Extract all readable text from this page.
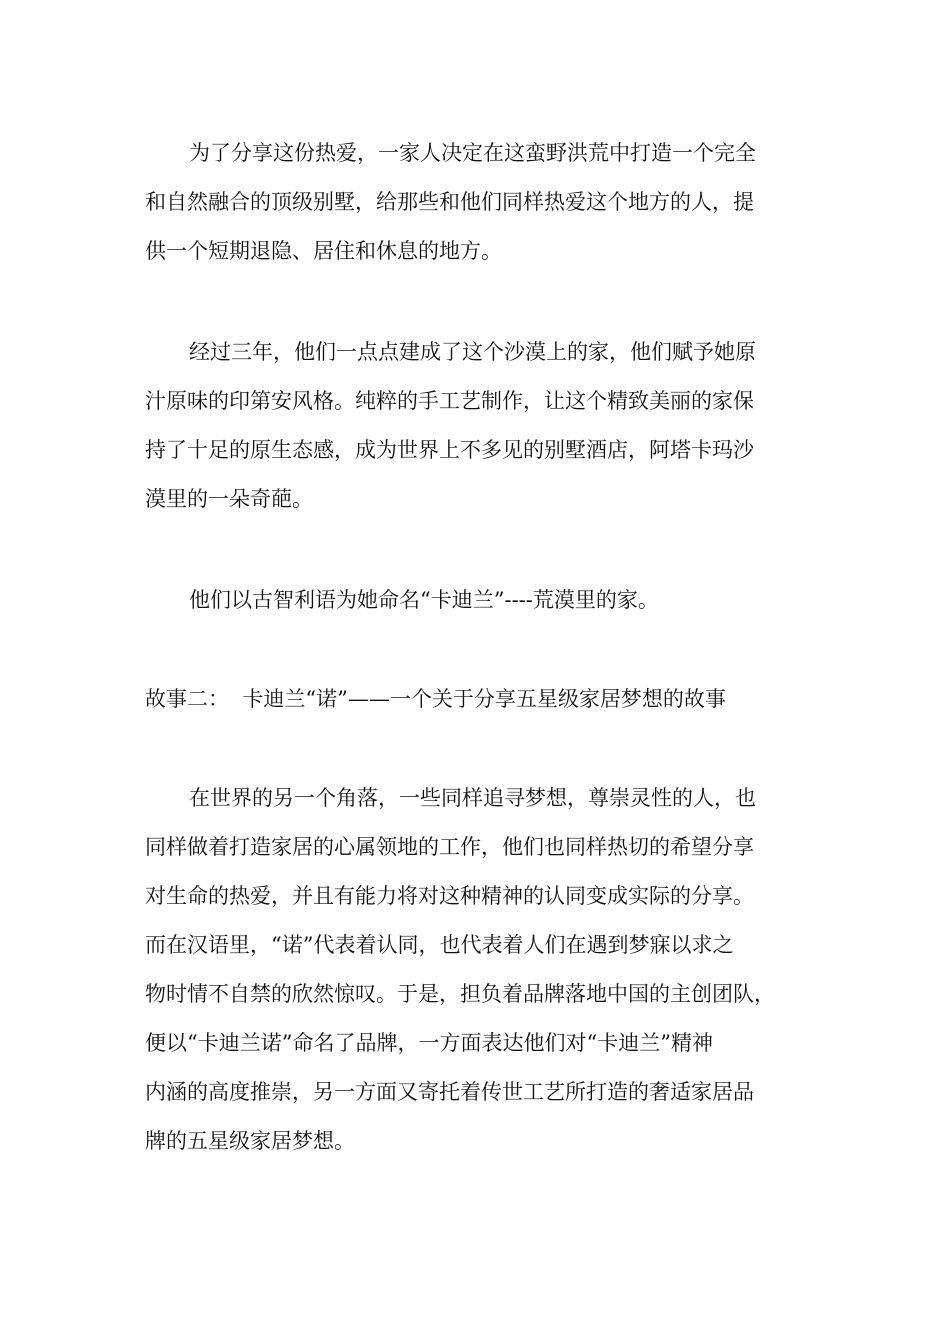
为了分享这份热爱，一家人决定在这蛮野洪荒中打造一个完全
和自然融合的顶级别墅，给那些和他们同样热爱这个地方的人，提
供一个短期退隐、居住和休息的地方。
经过三年，他们一点点建成了这个沙漠上的家，他们赋予她原
汁原味的印第安风格。纯粹的手工艺制作，让这个精致美丽的家保
持了十足的原生态感，成为世界上不多见的别墅酒店，阿塔卡玛沙
漠里的一朵奇葩。
他们以古智利语为她命名“卡迪兰”----荒漠里的家。
故事二：  卡迪兰“诺”——一个关于分享五星级家居梦想的故事
在世界的另一个角落，一些同样追寻梦想，尊崇灵性的人，也
同样做着打造家居的心属领地的工作，他们也同样热切的希望分享
对生命的热爱，并且有能力将对这种精神的认同变成实际的分享。
而在汉语里，“诺”代表着认同，也代表着人们在遇到梦寐以求之
物时情不自禁的欣然惊叹。于是，担负着品牌落地中国的主创团队，
便以“卡迪兰诺”命名了品牌，一方面表达他们对“卡迪兰”精神
内涵的高度推崇，另一方面又寄托着传世工艺所打造的奢适家居品
牌的五星级家居梦想。
